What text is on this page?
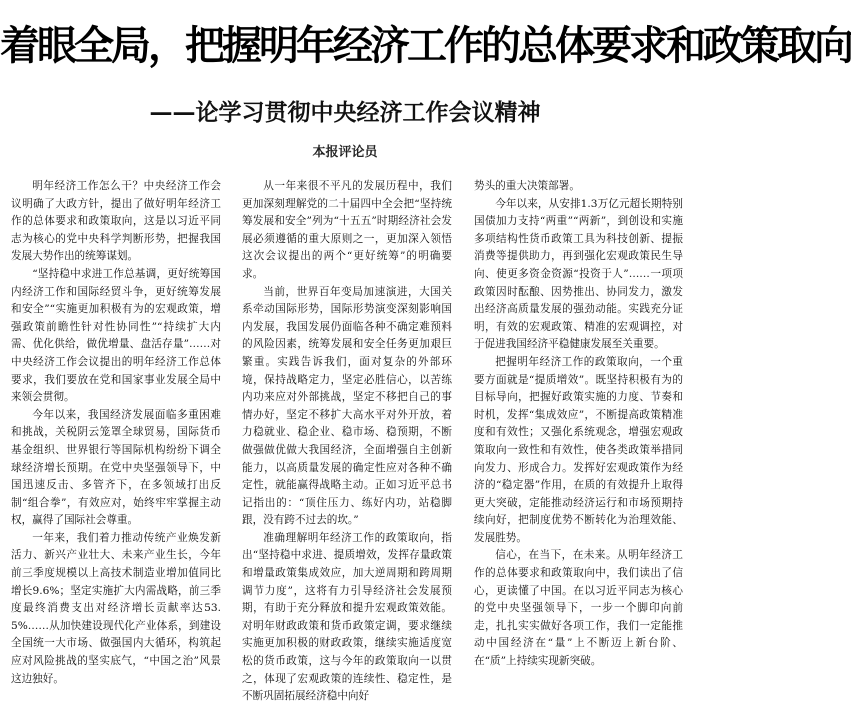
着眼全局，把握明年经济工作的总体要求和政策取向
——论学习贯彻中央经济工作会议精神
本报评论员

明年经济工作怎么干？中央经济工作会议明确了大政方针，提出了做好明年经济工作的总体要求和政策取向，这是以习近平同志为核心的党中央科学判断形势，把握我国发展大势作出的统筹谋划。

“坚持稳中求进工作总基调，更好统筹国内经济工作和国际经贸斗争，更好统筹发展和安全”“实施更加积极有为的宏观政策，增强政策前瞻性针对性协同性”“持续扩大内需、优化供给，做优增量、盘活存量”……对中央经济工作会议提出的明年经济工作总体要求，我们要放在党和国家事业发展全局中来领会贯彻。

今年以来，我国经济发展面临多重困难和挑战，关税阴云笼罩全球贸易，国际货币基金组织、世界银行等国际机构纷纷下调全球经济增长预期。在党中央坚强领导下，中国迅速反击、多管齐下，在多领域打出反制“组合拳”，有效应对，始终牢牢掌握主动权，赢得了国际社会尊重。

一年来，我们着力推动传统产业焕发新活力、新兴产业壮大、未来产业生长，今年前三季度规模以上高技术制造业增加值同比增长9.6%；坚定实施扩大内需战略，前三季度最终消费支出对经济增长贡献率达53.5%……从加快建设现代化产业体系，到建设全国统一大市场、做强国内大循环，构筑起应对风险挑战的坚实底气，“中国之治”风景这边独好。

从一年来很不平凡的发展历程中，我们更加深刻理解党的二十届四中全会把“坚持统筹发展和安全”列为“十五五”时期经济社会发展必须遵循的重大原则之一，更加深入领悟这次会议提出的两个“更好统筹”的明确要求。

当前，世界百年变局加速演进，大国关系牵动国际形势，国际形势演变深刻影响国内发展，我国发展仍面临各种不确定难预料的风险因素，统筹发展和安全任务更加艰巨繁重。实践告诉我们，面对复杂的外部环境，保持战略定力，坚定必胜信心，以苦练内功来应对外部挑战，坚定不移把自己的事情办好，坚定不移扩大高水平对外开放，着力稳就业、稳企业、稳市场、稳预期，不断做强做优做大我国经济，全面增强自主创新能力，以高质量发展的确定性应对各种不确定性，就能赢得战略主动。正如习近平总书记指出的：“顶住压力、练好内功，站稳脚跟，没有跨不过去的坎。”

准确理解明年经济工作的政策取向，指出“坚持稳中求进、提质增效，发挥存量政策和增量政策集成效应，加大逆周期和跨周期调节力度”，这将有力引导经济社会发展预期，有助于充分释放和提升宏观政策效能。对明年财政政策和货币政策定调，要求继续实施更加积极的财政政策，继续实施适度宽松的货币政策，这与今年的政策取向一以贯之，体现了宏观政策的连续性、稳定性，是不断巩固拓展经济稳中向好

势头的重大决策部署。

今年以来，从安排1.3万亿元超长期特别国债加力支持“两重”“两新”，到创设和实施多项结构性货币政策工具为科技创新、提振消费等提供助力，再到强化宏观政策民生导向、使更多资金资源“投资于人”……一项项政策因时酝酿、因势推出、协同发力，激发出经济高质量发展的强劲动能。实践充分证明，有效的宏观政策、精准的宏观调控，对于促进我国经济平稳健康发展至关重要。

把握明年经济工作的政策取向，一个重要方面就是“提质增效”。既坚持积极有为的目标导向，把握好政策实施的力度、节奏和时机，发挥“集成效应”，不断提高政策精准度和有效性；又强化系统观念，增强宏观政策取向一致性和有效性，使各类政策举措同向发力、形成合力。发挥好宏观政策作为经济的“稳定器”作用，在质的有效提升上取得更大突破，定能推动经济运行和市场预期持续向好，把制度优势不断转化为治理效能、发展胜势。

信心，在当下，在未来。从明年经济工作的总体要求和政策取向中，我们读出了信心，更读懂了中国。在以习近平同志为核心的党中央坚强领导下，一步一个脚印向前走，扎扎实实做好各项工作，我们一定能推动中国经济在“量”上不断迈上新台阶、在“质”上持续实现新突破。
